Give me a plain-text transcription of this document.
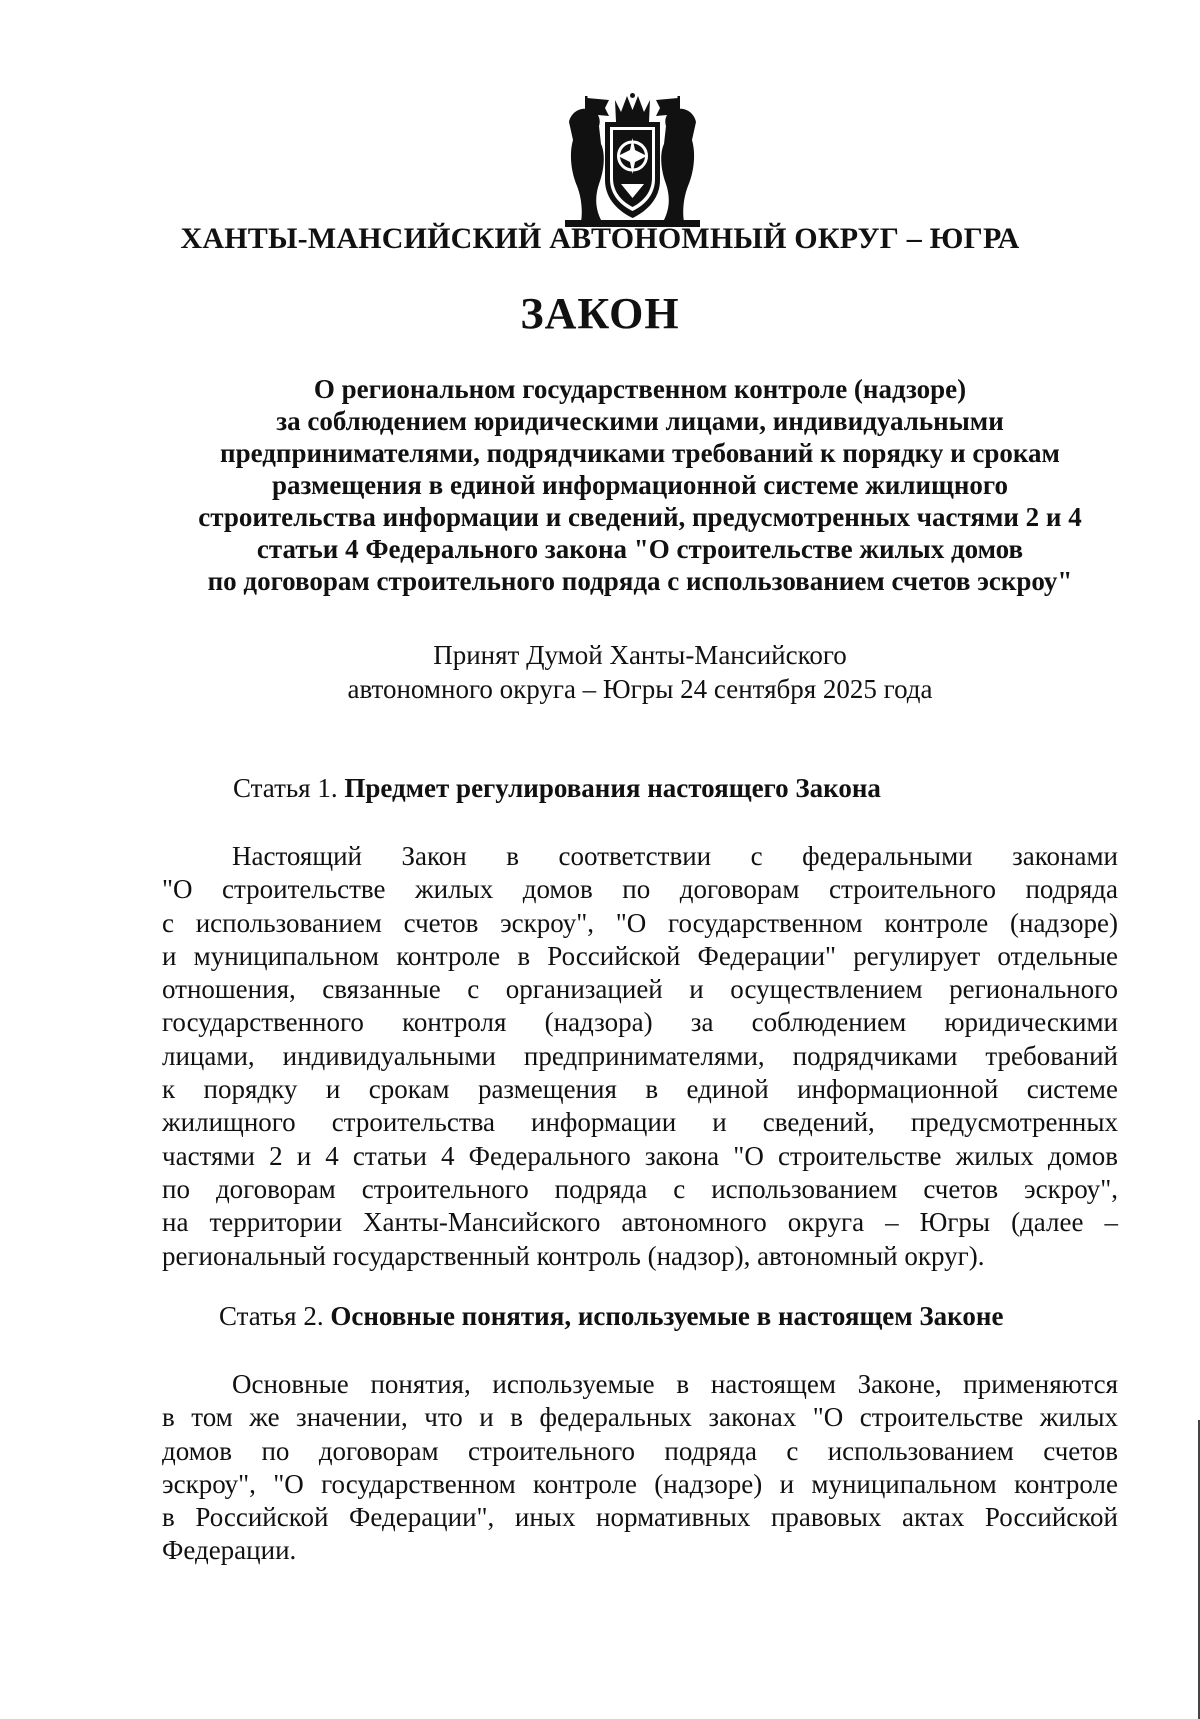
ХАНТЫ-МАНСИЙСКИЙ АВТОНОМНЫЙ ОКРУГ – ЮГРА
ЗАКОН
О региональном государственном контроле (надзоре)
за соблюдением юридическими лицами, индивидуальными
предпринимателями, подрядчиками требований к порядку и срокам
размещения в единой информационной системе жилищного
строительства информации и сведений, предусмотренных частями 2 и 4
статьи 4 Федерального закона "О строительстве жилых домов
по договорам строительного подряда с использованием счетов эскроу"
Принят Думой Ханты-Мансийского
автономного округа – Югры 24 сентября 2025 года
Статья 1. Предмет регулирования настоящего Закона
Настоящий Закон в соответствии с федеральными законами
"О строительстве жилых домов по договорам строительного подряда
с использованием счетов эскроу", "О государственном контроле (надзоре)
и муниципальном контроле в Российской Федерации" регулирует отдельные
отношения, связанные с организацией и осуществлением регионального
государственного контроля (надзора) за соблюдением юридическими
лицами, индивидуальными предпринимателями, подрядчиками требований
к порядку и срокам размещения в единой информационной системе
жилищного строительства информации и сведений, предусмотренных
частями 2 и 4 статьи 4 Федерального закона "О строительстве жилых домов
по договорам строительного подряда с использованием счетов эскроу",
на территории Ханты-Мансийского автономного округа – Югры (далее –
региональный государственный контроль (надзор), автономный округ).
Статья 2. Основные понятия, используемые в настоящем Законе
Основные понятия, используемые в настоящем Законе, применяются
в том же значении, что и в федеральных законах "О строительстве жилых
домов по договорам строительного подряда с использованием счетов
эскроу", "О государственном контроле (надзоре) и муниципальном контроле
в Российской Федерации", иных нормативных правовых актах Российской
Федерации.
